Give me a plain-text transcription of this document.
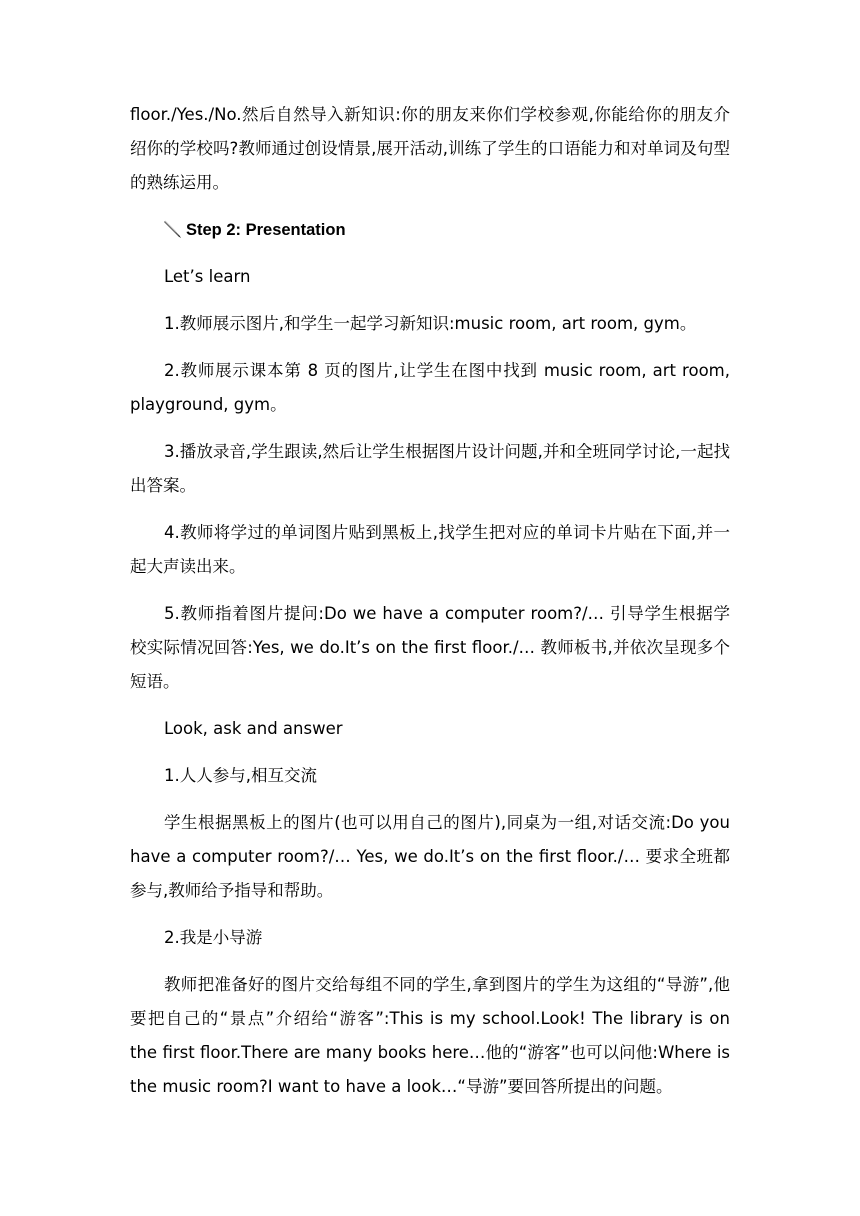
floor./Yes./No.然后自然导入新知识:你的朋友来你们学校参观,你能给你的朋友介绍你的学校吗?教师通过创设情景,展开活动,训练了学生的口语能力和对单词及句型的熟练运用。

Step 2: Presentation

Let’s learn

1.教师展示图片,和学生一起学习新知识:music room, art room, gym。

2.教师展示课本第 8 页的图片,让学生在图中找到 music room, art room, playground, gym。

3.播放录音,学生跟读,然后让学生根据图片设计问题,并和全班同学讨论,一起找出答案。

4.教师将学过的单词图片贴到黑板上,找学生把对应的单词卡片贴在下面,并一起大声读出来。

5.教师指着图片提问:Do we have a computer room?/… 引导学生根据学校实际情况回答:Yes, we do.It’s on the first floor./… 教师板书,并依次呈现多个短语。

Look, ask and answer

1.人人参与,相互交流

学生根据黑板上的图片(也可以用自己的图片),同桌为一组,对话交流:Do you have a computer room?/… Yes, we do.It’s on the first floor./… 要求全班都参与,教师给予指导和帮助。

2.我是小导游

教师把准备好的图片交给每组不同的学生,拿到图片的学生为这组的“导游”,他要把自己的“景点”介绍给“游客”:This is my school.Look! The library is on the first floor.There are many books here…他的“游客”也可以问他:Where is the music room?I want to have a look…“导游”要回答所提出的问题。
